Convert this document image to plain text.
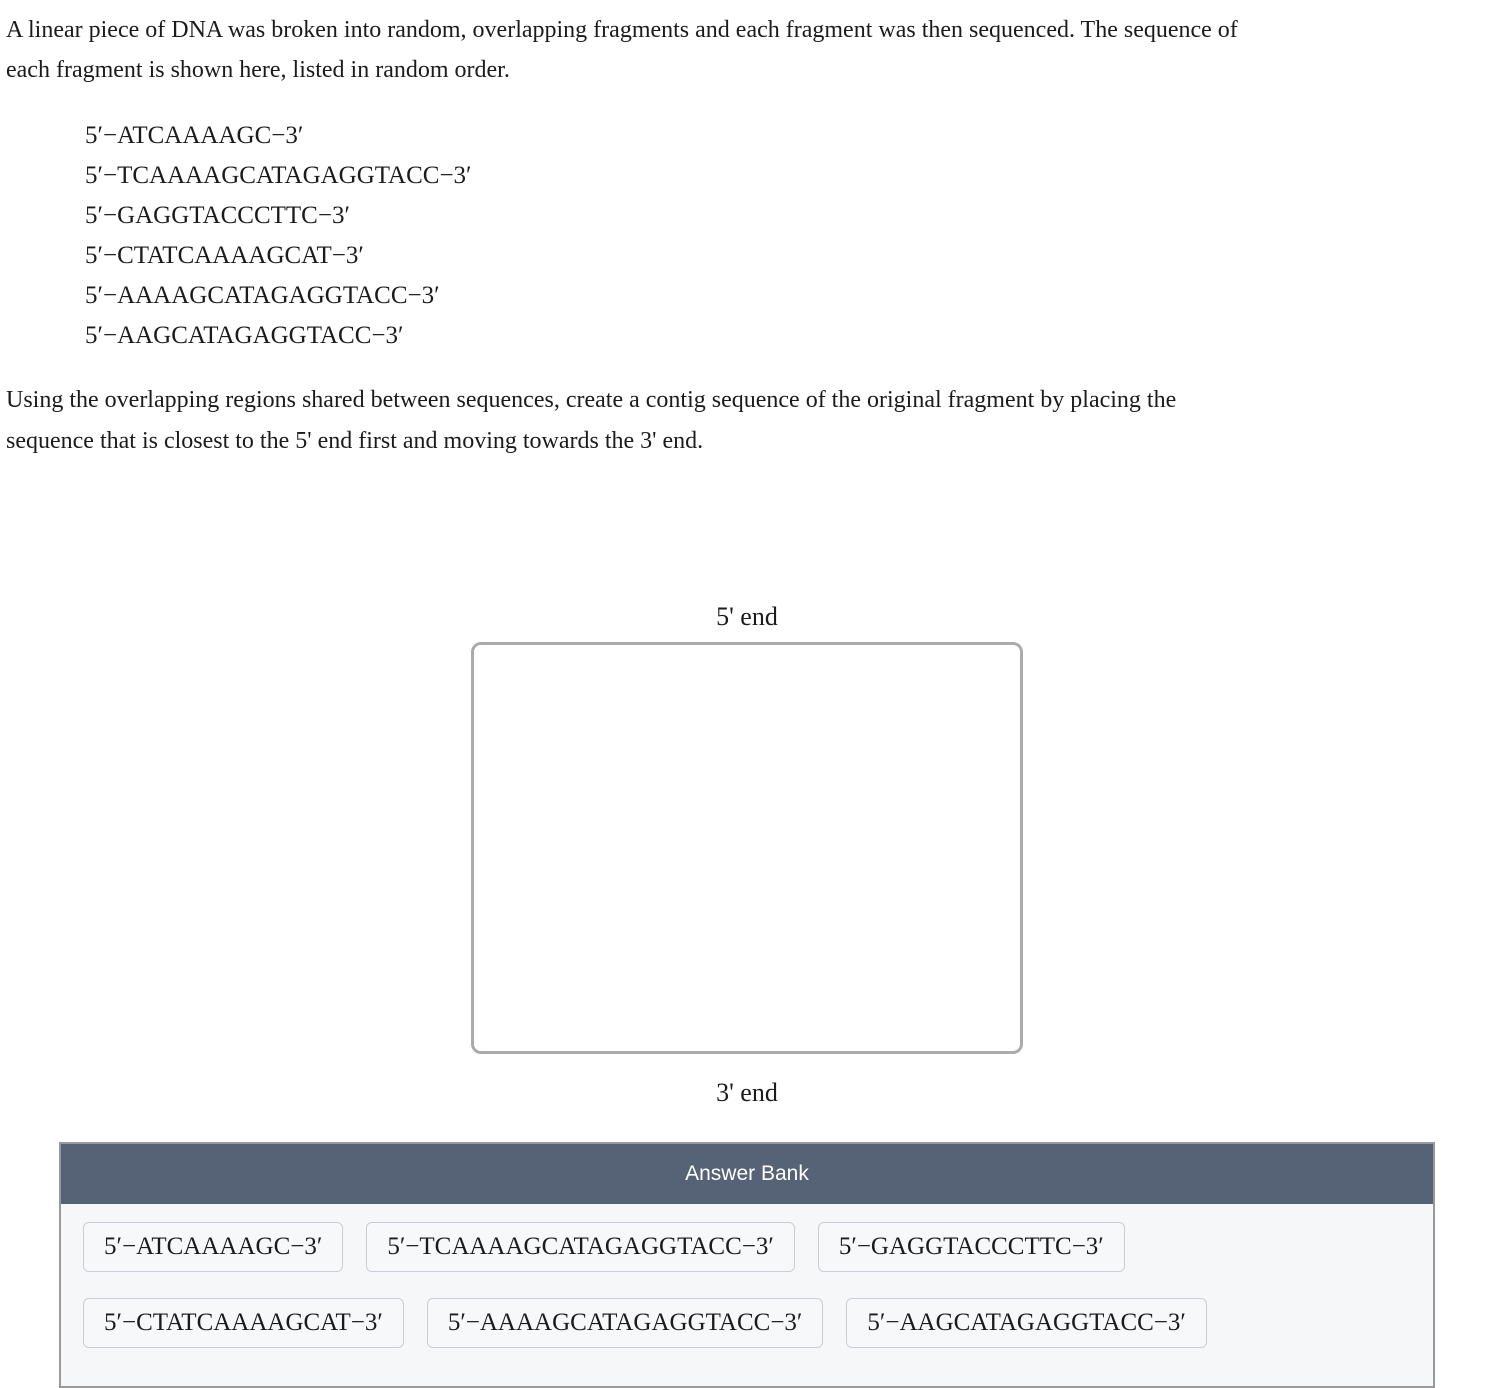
A linear piece of DNA was broken into random, overlapping fragments and each fragment was then sequenced. The sequence of
each fragment is shown here, listed in random order.
5′−ATCAAAAGC−3′
5′−TCAAAAGCATAGAGGTACC−3′
5′−GAGGTACCCTTC−3′
5′−CTATCAAAAGCAT−3′
5′−AAAAGCATAGAGGTACC−3′
5′−AAGCATAGAGGTACC−3′
Using the overlapping regions shared between sequences, create a contig sequence of the original fragment by placing the
sequence that is closest to the 5' end first and moving towards the 3' end.
5' end
3' end
Answer Bank
5′−ATCAAAAGC−3′	5′−TCAAAAGCATAGAGGTACC−3′	5′−GAGGTACCCTTC−3′
5′−CTATCAAAAGCAT−3′	5′−AAAAGCATAGAGGTACC−3′	5′−AAGCATAGAGGTACC−3′
